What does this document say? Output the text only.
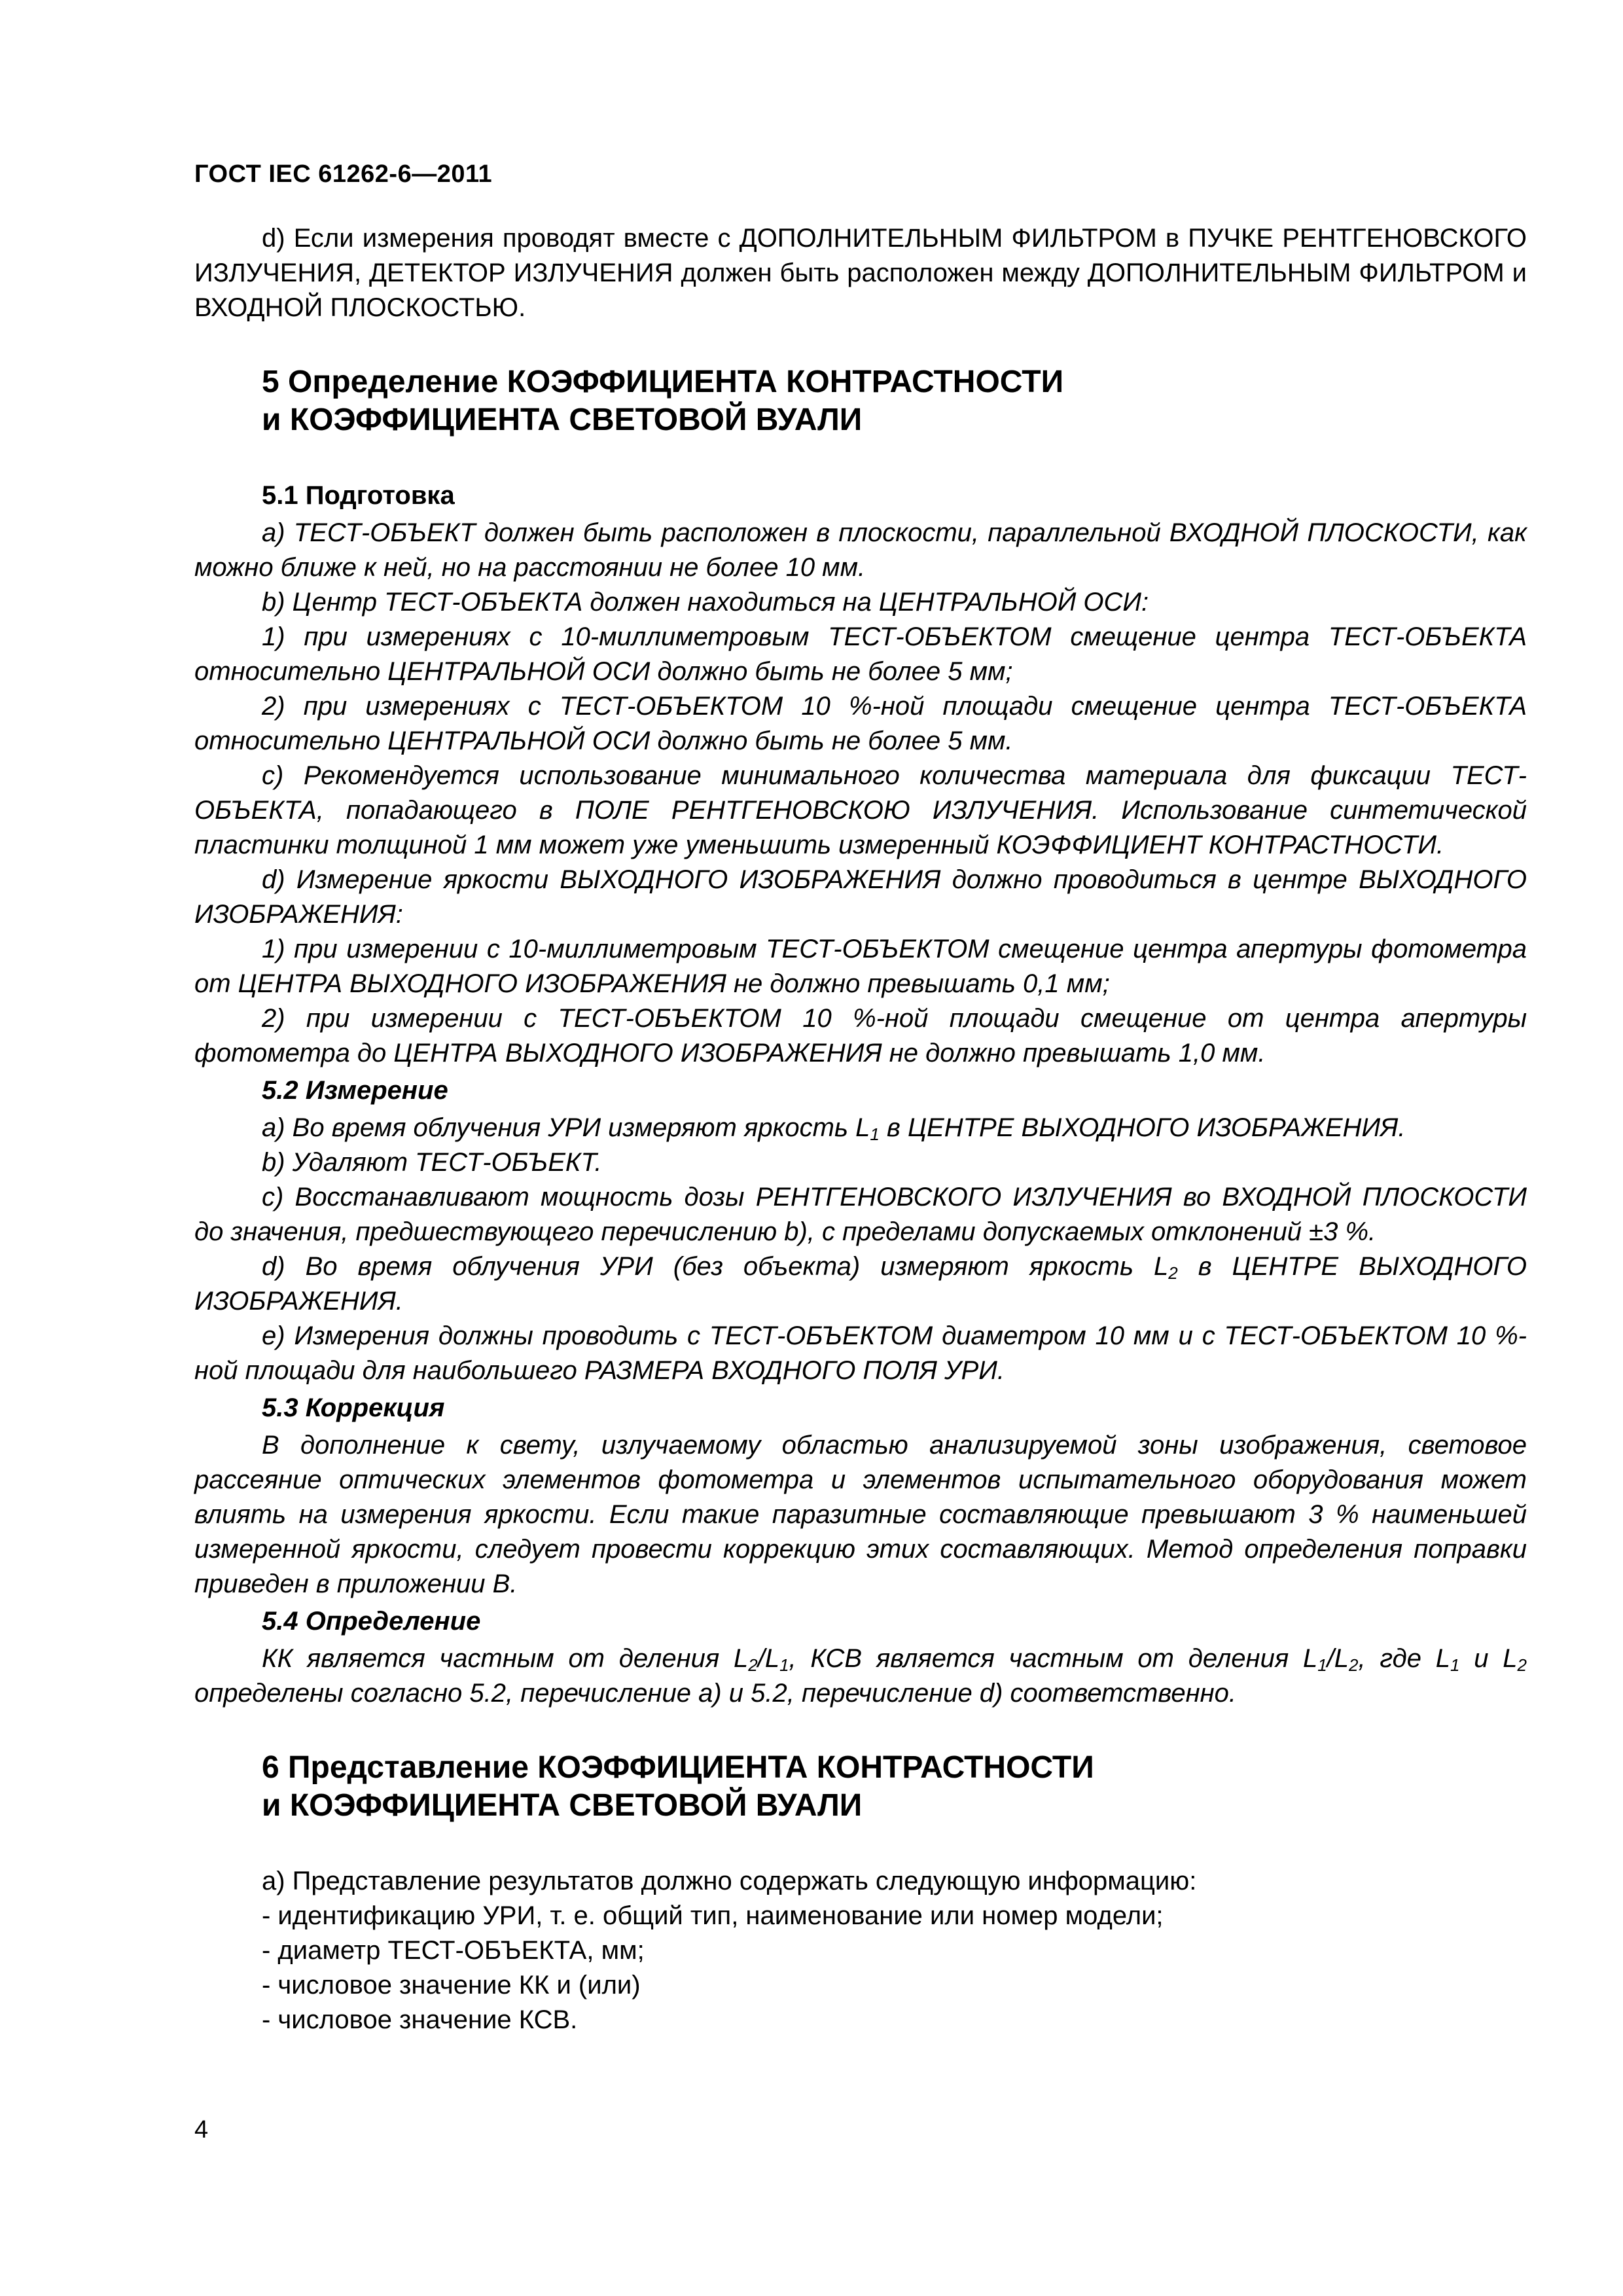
ГОСТ IEC 61262-6—2011

d) Если измерения проводят вместе с ДОПОЛНИТЕЛЬНЫМ ФИЛЬТРОМ в ПУЧКЕ РЕНТГЕНОВСКОГО ИЗЛУЧЕНИЯ, ДЕТЕКТОР ИЗЛУЧЕНИЯ должен быть расположен между ДОПОЛНИТЕЛЬНЫМ ФИЛЬТРОМ и ВХОДНОЙ ПЛОСКОСТЬЮ.

5 Определение КОЭФФИЦИЕНТА КОНТРАСТНОСТИ

и КОЭФФИЦИЕНТА СВЕТОВОЙ ВУАЛИ

5.1 Подготовка

a) ТЕСТ-ОБЪЕКТ должен быть расположен в плоскости, параллельной ВХОДНОЙ ПЛОСКОСТИ, как можно ближе к ней, но на расстоянии не более 10 мм.

b) Центр ТЕСТ-ОБЪЕКТА должен находиться на ЦЕНТРАЛЬНОЙ ОСИ:

1) при измерениях с 10-миллиметровым ТЕСТ-ОБЪЕКТОМ смещение центра ТЕСТ-ОБЪЕКТА относительно ЦЕНТРАЛЬНОЙ ОСИ должно быть не более 5 мм;

2) при измерениях с ТЕСТ-ОБЪЕКТОМ 10 %-ной площади смещение центра ТЕСТ-ОБЪЕКТА относительно ЦЕНТРАЛЬНОЙ ОСИ должно быть не более 5 мм.

c) Рекомендуется использование минимального количества материала для фиксации ТЕСТ-ОБЪЕКТА, попадающего в ПОЛЕ РЕНТГЕНОВСКОЮ ИЗЛУЧЕНИЯ. Использование синтетической пластинки толщиной 1 мм может уже уменьшить измеренный КОЭФФИЦИЕНТ КОНТРАСТНОСТИ.

d) Измерение яркости ВЫХОДНОГО ИЗОБРАЖЕНИЯ должно проводиться в центре ВЫХОДНОГО ИЗОБРАЖЕНИЯ:

1) при измерении с 10-миллиметровым ТЕСТ-ОБЪЕКТОМ смещение центра апертуры фотометра от ЦЕНТРА ВЫХОДНОГО ИЗОБРАЖЕНИЯ не должно превышать 0,1 мм;

2) при измерении с ТЕСТ-ОБЪЕКТОМ 10 %-ной площади смещение от центра апертуры фотометра до ЦЕНТРА ВЫХОДНОГО ИЗОБРАЖЕНИЯ не должно превышать 1,0 мм.

5.2 Измерение

a) Во время облучения УРИ измеряют яркость $L_1$ в ЦЕНТРЕ ВЫХОДНОГО ИЗОБРАЖЕНИЯ.

b) Удаляют ТЕСТ-ОБЪЕКТ.

c) Восстанавливают мощность дозы РЕНТГЕНОВСКОГО ИЗЛУЧЕНИЯ во ВХОДНОЙ ПЛОСКОСТИ до значения, предшествующего перечислению b), с пределами допускаемых отклонений ±3 %.

d) Во время облучения УРИ (без объекта) измеряют яркость $L_2$ в ЦЕНТРЕ ВЫХОДНОГО ИЗОБРАЖЕНИЯ.

e) Измерения должны проводить с ТЕСТ-ОБЪЕКТОМ диаметром 10 мм и с ТЕСТ-ОБЪЕКТОМ 10 %-ной площади для наибольшего РАЗМЕРА ВХОДНОГО ПОЛЯ УРИ.

5.3 Коррекция

В дополнение к свету, излучаемому областью анализируемой зоны изображения, световое рассеяние оптических элементов фотометра и элементов испытательного оборудования может влиять на измерения яркости. Если такие паразитные составляющие превышают 3 % наименьшей измеренной яркости, следует провести коррекцию этих составляющих. Метод определения поправки приведен в приложении B.

5.4 Определение

КК является частным от деления $L_2/L_1$, КСВ является частным от деления $L_1/L_2$, где $L_1$ и $L_2$ определены согласно 5.2, перечисление a) и 5.2, перечисление d) соответственно.

6 Представление КОЭФФИЦИЕНТА КОНТРАСТНОСТИ

и КОЭФФИЦИЕНТА СВЕТОВОЙ ВУАЛИ

a) Представление результатов должно содержать следующую информацию:

- идентификацию УРИ, т. е. общий тип, наименование или номер модели;

- диаметр ТЕСТ-ОБЪЕКТА, мм;

- числовое значение КК и (или)

- числовое значение КСВ.

4
